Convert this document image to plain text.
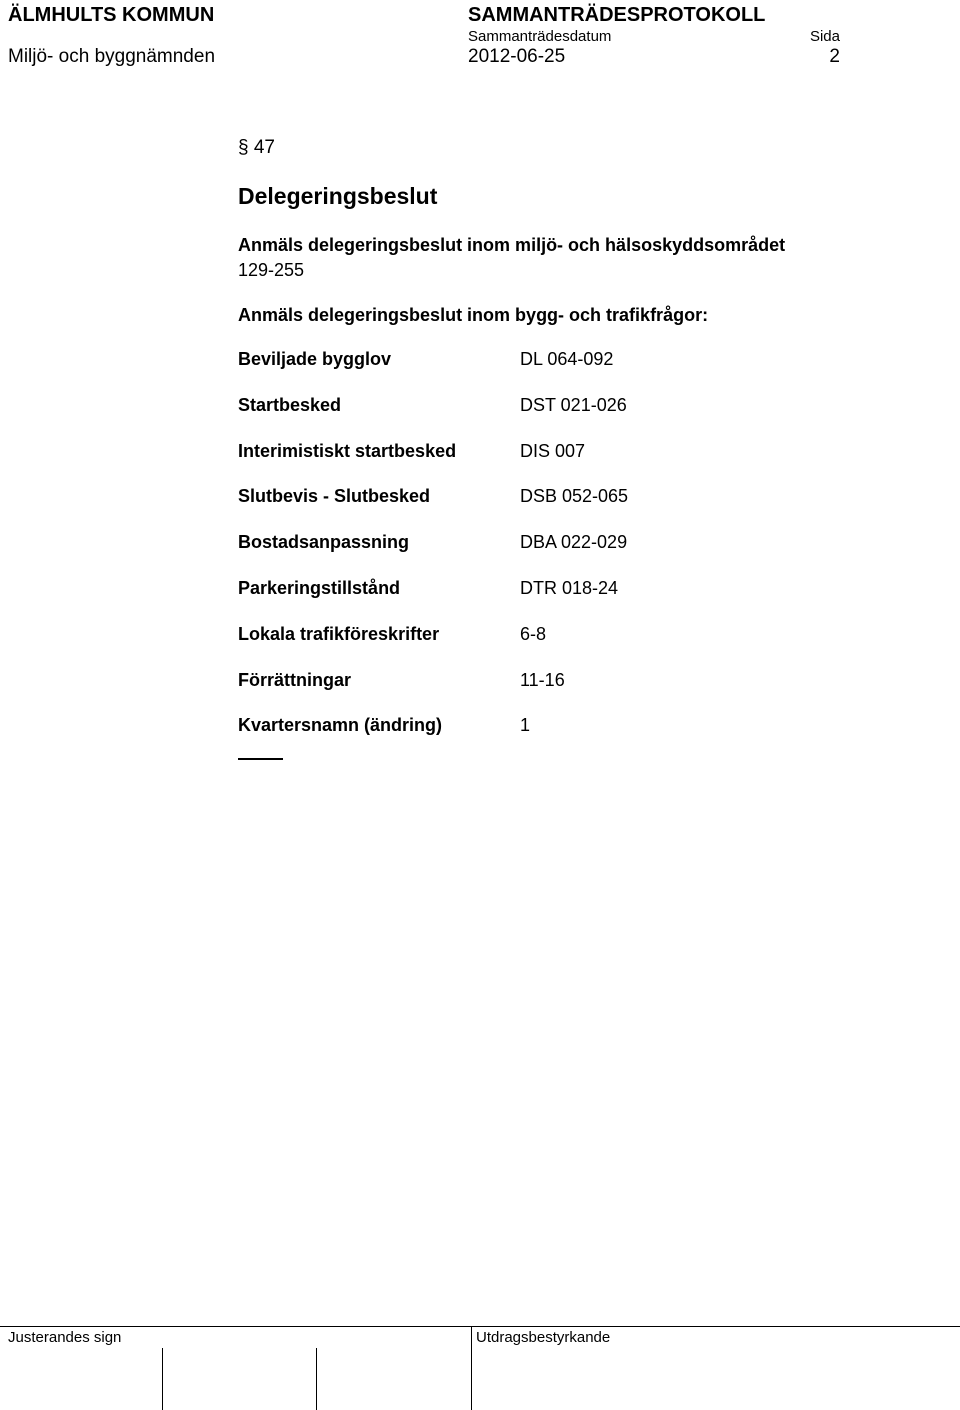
ÄLMHULTS KOMMUN
Miljö- och byggnämnden
SAMMANTRÄDESPROTOKOLL
Sammanträdesdatum
2012-06-25
Sida
2
§ 47
Delegeringsbeslut
Anmäls delegeringsbeslut inom miljö- och hälsoskyddsområdet
129-255
Anmäls delegeringsbeslut inom bygg- och trafikfrågor:
Beviljade bygglov	DL 064-092
Startbesked	DST 021-026
Interimistiskt startbesked	DIS 007
Slutbevis - Slutbesked	DSB 052-065
Bostadsanpassning	DBA 022-029
Parkeringstillstånd	DTR 018-24
Lokala trafikföreskrifter	6-8
Förrättningar	11-16
Kvartersnamn (ändring)	1
Justerandes sign	Utdragsbestyrkande
